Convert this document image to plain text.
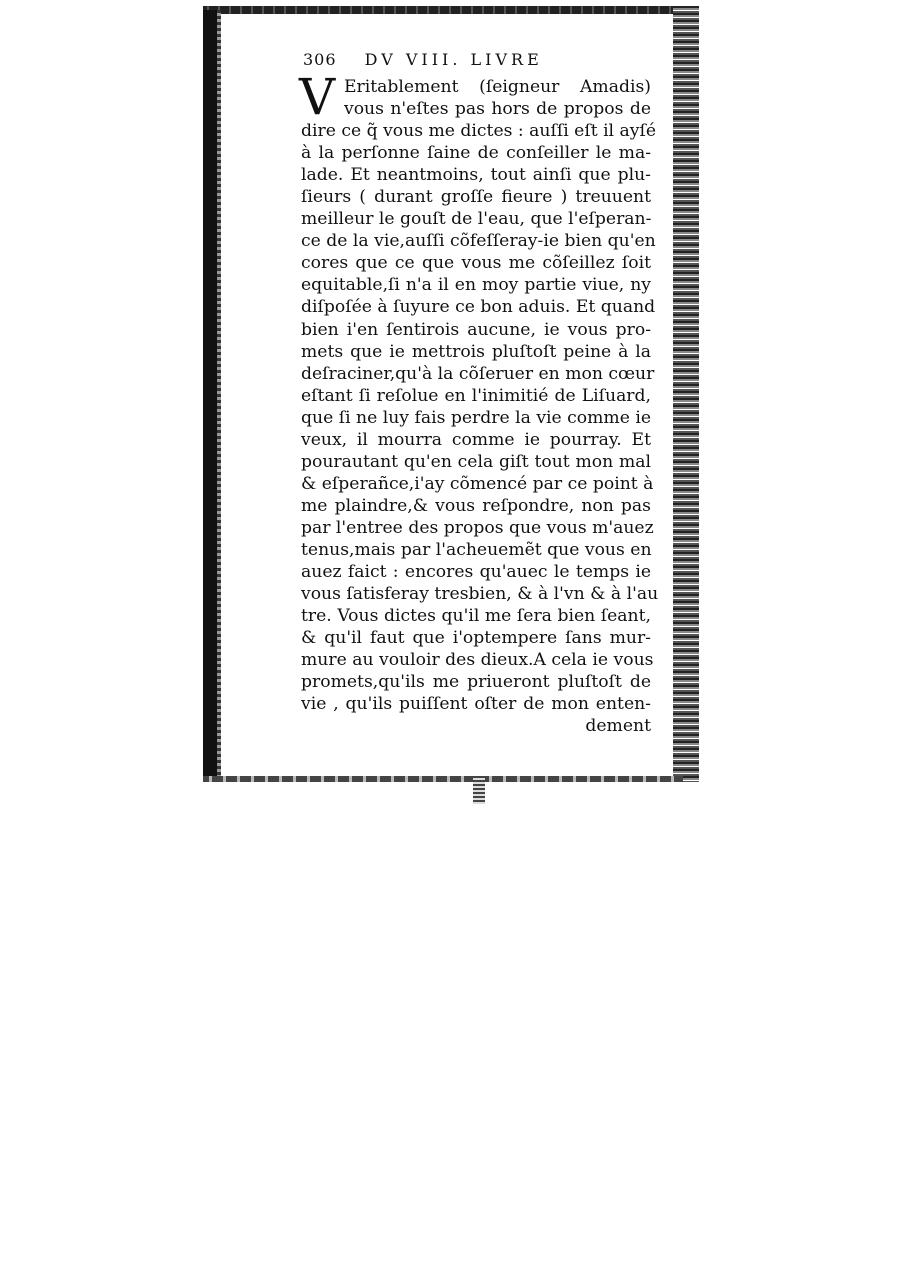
306 DV VIII. LIVRE
V Eritablement (ſeigneur Amadis)
vous n'eſtes pas hors de propos de
dire ce q̃ vous me dictes : auſſi eſt il ayſé
à la perſonne ſaine de conſeiller le ma-
lade. Et neantmoins, tout ainſi que plu-
ſieurs ( durant groſſe fieure ) treuuent
meilleur le gouſt de l'eau, que l'eſperan-
ce de la vie,auſſi cõfeſſeray-ie bien qu'en
cores que ce que vous me cõſeillez ſoit
equitable,ſi n'a il en moy partie viue, ny
diſpoſée à ſuyure ce bon aduis. Et quand
bien i'en ſentirois aucune, ie vous pro-
mets que ie mettrois pluſtoſt peine à la
deſraciner,qu'à la cõſeruer en mon cœur
eſtant ſi reſolue en l'inimitié de Liſuard,
que ſi ne luy fais perdre la vie comme ie
veux, il mourra comme ie pourray. Et
pourautant qu'en cela giſt tout mon mal
& eſperañce,i'ay cõmencé par ce point à
me plaindre,& vous reſpondre, non pas
par l'entree des propos que vous m'auez
tenus,mais par l'acheuemẽt que vous en
auez faict : encores qu'auec le temps ie
vous ſatisferay tresbien, & à l'vn & à l'au
tre. Vous dictes qu'il me ſera bien ſeant,
& qu'il faut que i'optempere ſans mur-
mure au vouloir des dieux.A cela ie vous
promets,qu'ils me priueront pluſtoſt de
vie , qu'ils puiſſent oſter de mon enten-
dement
